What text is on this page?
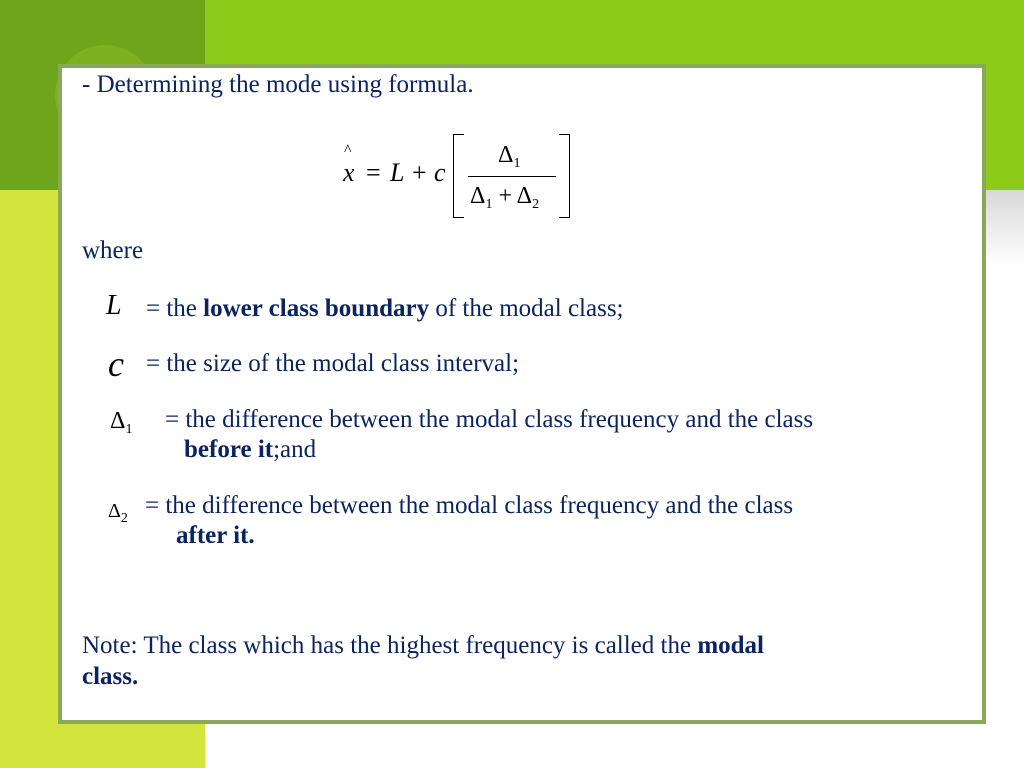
- Determining the mode using formula.
^
x = L + c
$\Delta_1$
$\Delta_1 + \Delta_2$
where
L = the lower class boundary of the modal class;
c = the size of the modal class interval;
$\Delta_1$ = the difference between the modal class frequency and the class
before it;and
$\Delta_2$ = the difference between the modal class frequency and the class
after it.
Note: The class which has the highest frequency is called the modal
class.
